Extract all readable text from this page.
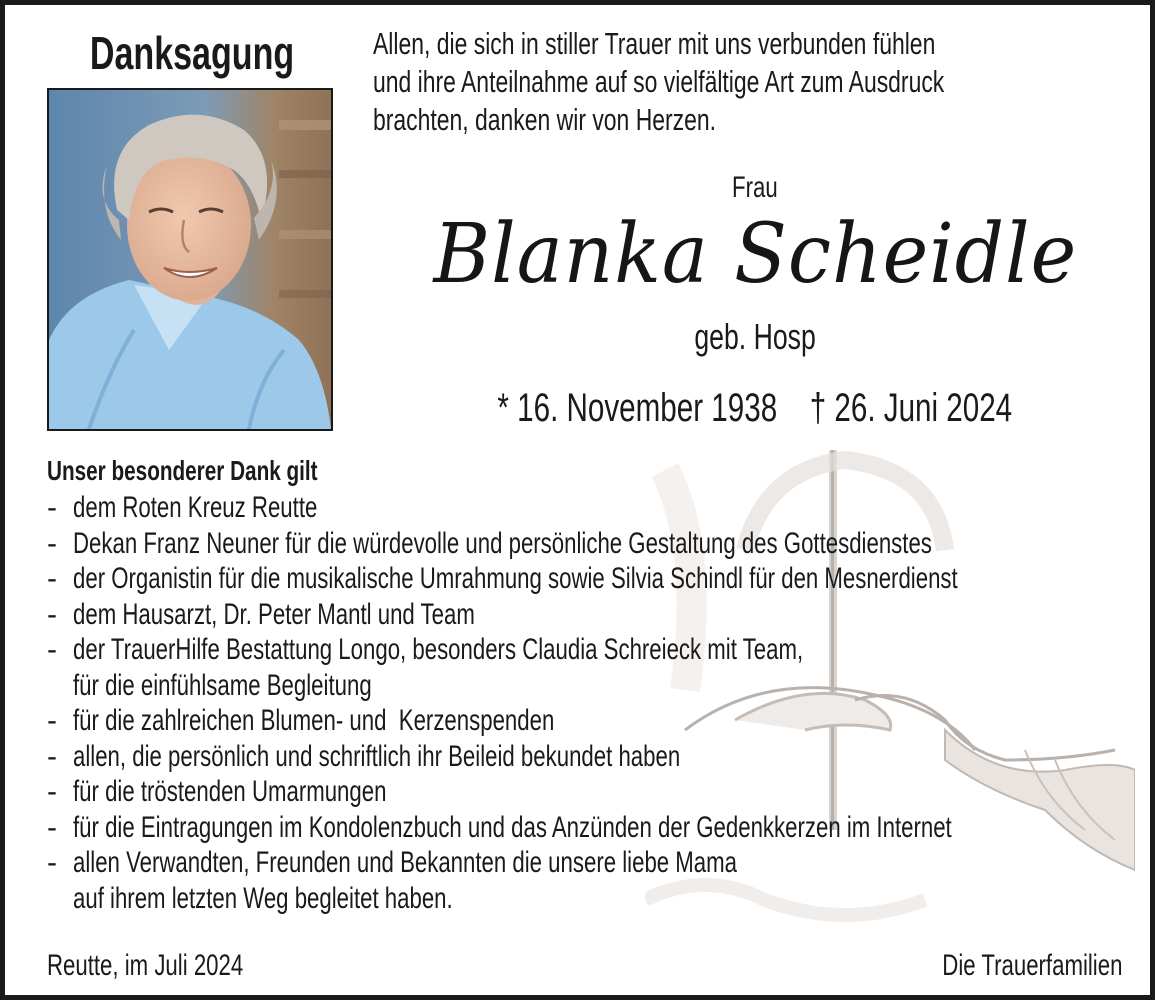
Danksagung	Allen, die sich in stiller Trauer mit uns verbunden fühlen
und ihre Anteilnahme auf so vielfältige Art zum Ausdruck
brachten, danken wir von Herzen.
Frau
Blanka Scheidle
geb. Hosp
* 16. November 1938 † 26. Juni 2024
Unser besonderer Dank gilt
- dem Roten Kreuz Reutte
- Dekan Franz Neuner für die würdevolle und persönliche Gestaltung des Gottesdienstes
- der Organistin für die musikalische Umrahmung sowie Silvia Schindl für den Mesnerdienst
- dem Hausarzt, Dr. Peter Mantl und Team
- der TrauerHilfe Bestattung Longo, besonders Claudia Schreieck mit Team,
für die einfühlsame Begleitung
- für die zahlreichen Blumen- und  Kerzenspenden
- allen, die persönlich und schriftlich ihr Beileid bekundet haben
- für die tröstenden Umarmungen
- für die Eintragungen im Kondolenzbuch und das Anzünden der Gedenkkerzen im Internet
- allen Verwandten, Freunden und Bekannten die unsere liebe Mama
auf ihrem letzten Weg begleitet haben.
Reutte, im Juli 2024	Die Trauerfamilien
